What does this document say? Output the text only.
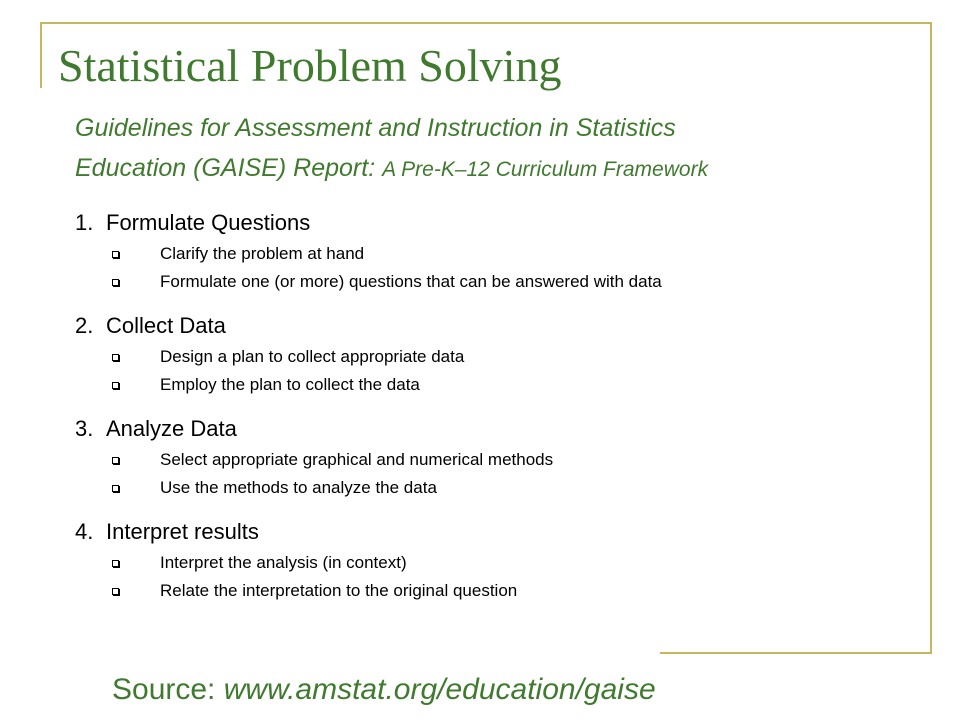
Statistical Problem Solving

Guidelines for Assessment and Instruction in Statistics
Education (GAISE) Report: A Pre-K–12 Curriculum Framework

1. Formulate Questions
Clarify the problem at hand
Formulate one (or more) questions that can be answered with data
2. Collect Data
Design a plan to collect appropriate data
Employ the plan to collect the data
3. Analyze Data
Select appropriate graphical and numerical methods
Use the methods to analyze the data
4. Interpret results
Interpret the analysis (in context)
Relate the interpretation to the original question

Source: www.amstat.org/education/gaise
